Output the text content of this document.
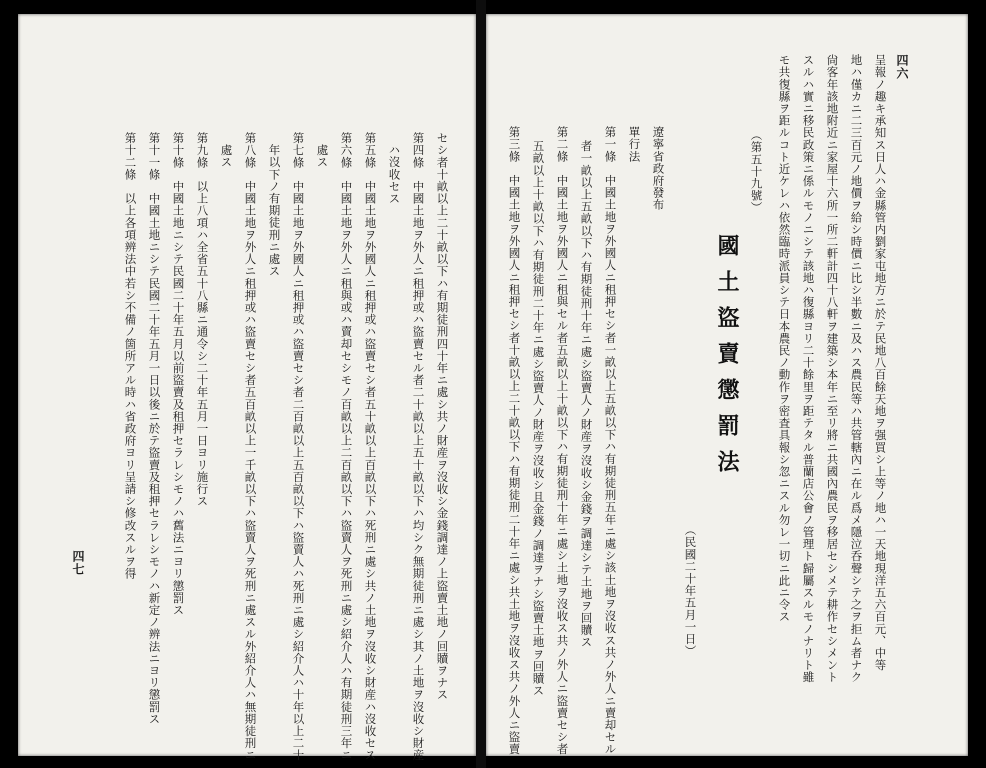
セシ者十畝以上二十畝以下ハ有期徒刑四十年ニ處シ共ノ財産ヲ沒收シ金錢調達ノ上盜賣土地ノ回贖ヲナス
第四條　中國土地ヲ外人ニ租押或ハ盜賣セル者二十畝以上五十畝以下ハ均シク無期徒刑ニ處シ其ノ土地ヲ沒收シ財産
ハ沒收セス
第五條　中國土地ヲ外國人ニ租押或ハ盜賣セシ者五十畝以上百畝以下ハ死刑ニ處シ共ノ土地ヲ沒收シ財産ハ沒收セス
第六條　中國土地ヲ外人ニ租與或ハ賣却セシモノ百畝以上二百畝以下ハ盜賣人ヲ死刑ニ處シ紹介人ハ有期徒刑三年ニ
處ス
第七條　中國土地ヲ外國人ニ租押或ハ盜賣セシ者二百畝以上五百畝以下ハ盜賣人ハ死刑ニ處シ紹介人ハ十年以上二十
年以下ノ有期徒刑ニ處ス
第八條　中國土地ヲ外人ニ租押或ハ盜賣セシ者五百畝以上一千畝以下ハ盜賣人ヲ死刑ニ處スル外紹介人ハ無期徒刑ニ
處ス
第九條　以上八項ハ全省五十八縣ニ通令シ二十年五月一日ヨリ施行ス
第十條　中國土地ニシテ民國二十年五月以前盜賣及租押セラレシモノハ舊法ニヨリ懲罰ス
第十一條　中國土地ニシテ民國二十年五月一日以後ニ於テ盜賣及租押セラレシモノハ新定ノ辨法ニヨリ懲罰ス
第十二條　以上各項辨法中若シ不備ノ箇所アル時ハ省政府ヨリ呈請シ修改スルヲ得
四七
四六
呈報ノ趣キ承知ス日人ハ金縣管内劉家屯地方ニ於テ民地八百餘天地ヲ强買シ上等ノ地ハ一天地現洋五六百元、中等
地ハ僅カニ二三百元ノ地價ヲ給シ時價ニ比シ半數ニ及ハス農民等ハ共管轄內ニ在ル爲メ隱泣呑聲シテ之ヲ拒ム者ナク
尙客年該地附近ニ家屋十六所一所二軒計四十八軒ヲ建築シ本年ニ至リ將ニ共國內農民ヲ移居セシメテ耕作セシメント
スルハ實ニ移民政策ニ係ルモノニシテ該地ハ復縣ヨリ二十餘里ヲ距テタル普蘭店公會ノ管理ト歸屬スルモノナリト雖
モ共復縣ヲ距ルコト近ケレハ依然臨時派員シテ日本農民ノ動作ヲ密査具報シ忽ニスル勿レ一切ニ此ニ令ス
（第五十九號）
國土盜賣懲罰法
（民國二十年五月一日）
遼寧省政府發布
單行法
第一條　中國土地ヲ外國人ニ租押セシ者一畝以上五畝以下ハ有期徒刑五年ニ處シ該土地ヲ沒收ス共ノ外人ニ賣却セル
者一畝以上五畝以下ハ有期徒刑十年ニ處シ盜賣人ノ財産ヲ沒收シ金錢ヲ調達シテ土地ヲ回贖ス
第二條　中國土地ヲ外國人ニ租與セル者五畝以上十畝以下ハ有期徒刑十年ニ處シ土地ヲ沒收ス共ノ外人ニ盜賣セシ者
五畝以上十畝以下ハ有期徒刑二十年ニ處シ盜賣人ノ財産ヲ沒收シ且金錢ノ調達ヲナシ盜賣土地ヲ回贖ス
第三條　中國土地ヲ外國人ニ租押セシ者十畝以上二十畝以下ハ有期徒刑二十年ニ處シ共土地ヲ沒收ス共ノ外人ニ盜賣
